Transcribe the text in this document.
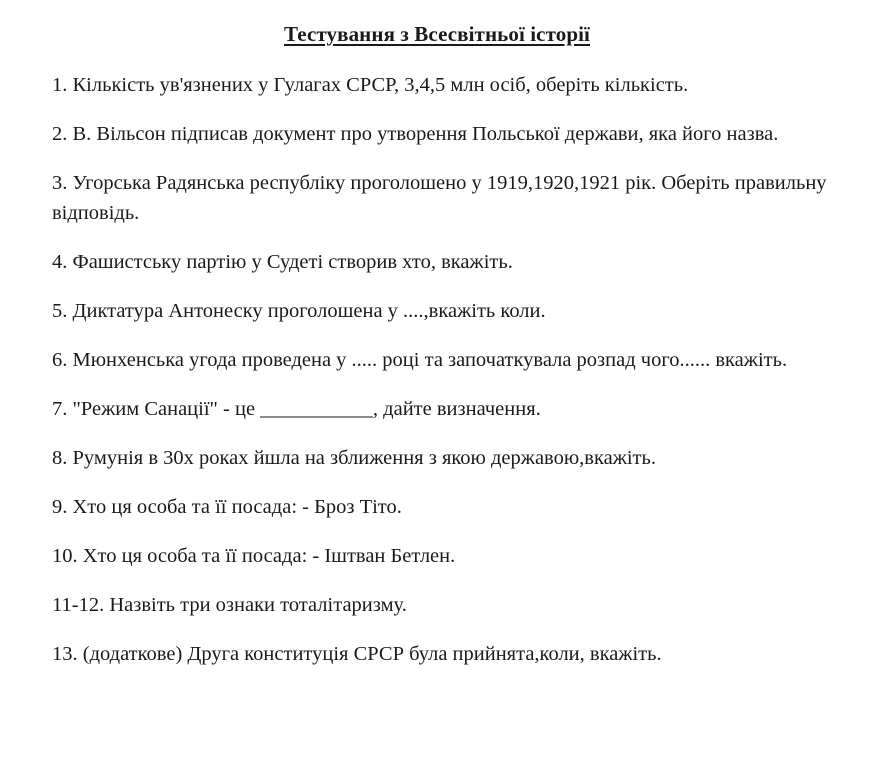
Тестування з Всесвітньої історії
1. Кількість ув'язнених у Гулагах СРСР, 3,4,5 млн осіб, оберіть кількість.
2. В. Вільсон підписав документ про утворення Польської держави, яка його назва.
3. Угорська Радянська республіку проголошено у 1919,1920,1921 рік. Оберіть правильну відповідь.
4. Фашистську партію у Судеті створив хто, вкажіть.
5. Диктатура Антонеску проголошена у ....,вкажіть коли.
6. Мюнхенська угода проведена у ..... році та започаткувала розпад чого...... вкажіть.
7. "Режим Санації" - це ___________, дайте визначення.
8. Румунія в 30х роках йшла на зближення з якою державою,вкажіть.
9. Хто ця особа та її посада: - Броз Тіто.
10. Хто ця особа та її посада: - Іштван Бетлен.
11-12. Назвіть три ознаки тоталітаризму.
13. (додаткове) Друга конституція СРСР була прийнята,коли, вкажіть.
